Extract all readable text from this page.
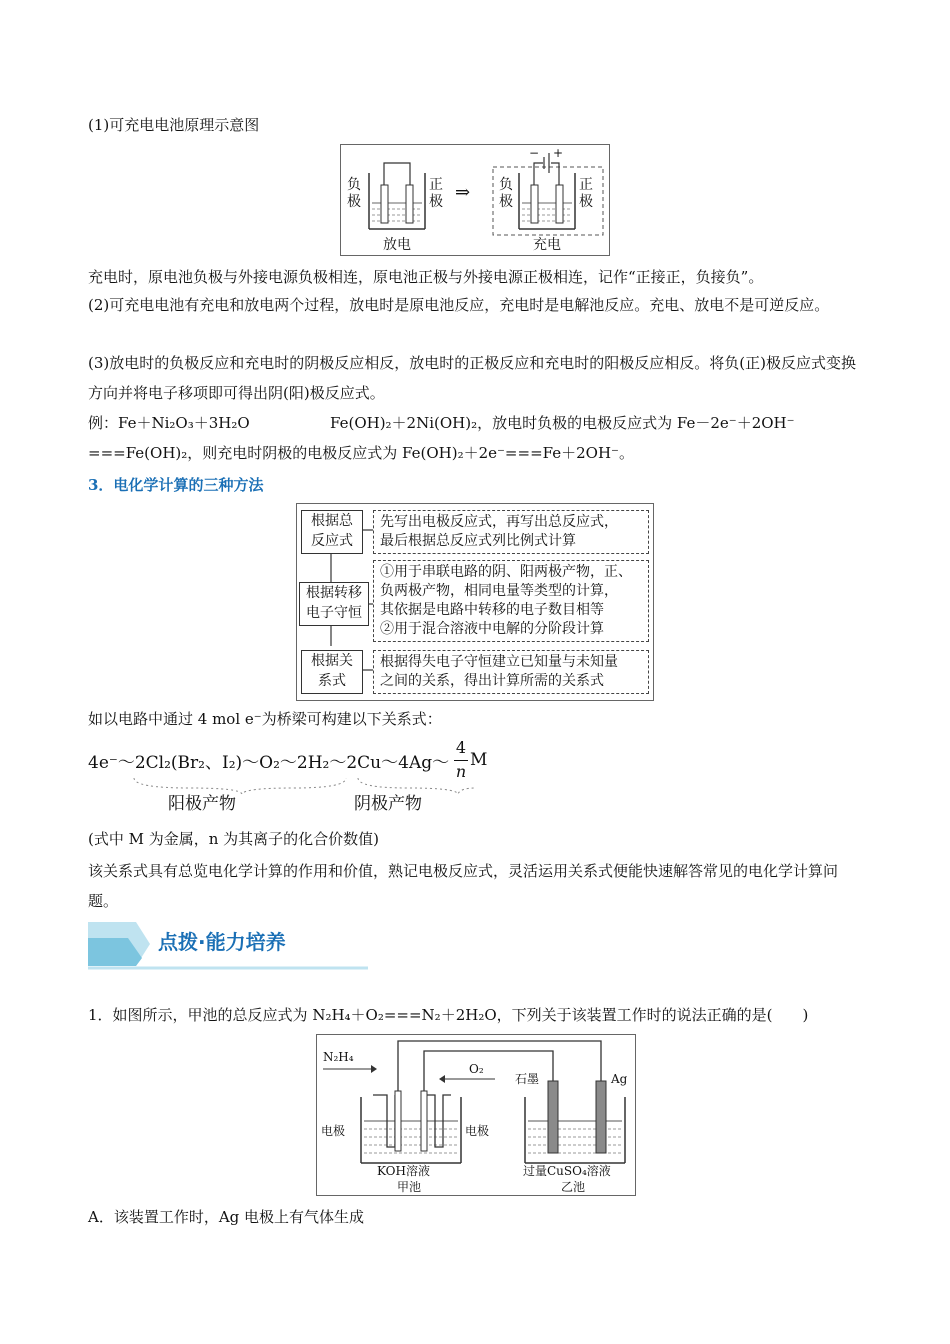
(1)可充电电池原理示意图
负
极
正
极 ⇒ 负
极
正
极
− +
放电	充电
充电时，原电池负极与外接电源负极相连，原电池正极与外接电源正极相连，记作“正接正，负接负”。
(2)可充电电池有充电和放电两个过程，放电时是原电池反应，充电时是电解池反应。充电、放电不是可逆反应。
(3)放电时的负极反应和充电时的阴极反应相反，放电时的正极反应和充电时的阳极反应相反。将负(正)极反应式变换方向并将电子移项即可得出阴(阳)极反应式。
例：Fe＋Ni₂O₃＋3H₂O	Fe(OH)₂＋2Ni(OH)₂，放电时负极的电极反应式为 Fe－2e⁻＋2OH⁻
===Fe(OH)₂，则充电时阴极的电极反应式为 Fe(OH)₂＋2e⁻===Fe＋2OH⁻。
3．电化学计算的三种方法
根据总
反应式
先写出电极反应式，再写出总反应式，
最后根据总反应式列比例式计算
根据转移
电子守恒
①用于串联电路的阴、阳两极产物，正、
负两极产物，相同电量等类型的计算，
其依据是电路中转移的电子数目相等
②用于混合溶液中电解的分阶段计算
根据关
系式
根据得失电子守恒建立已知量与未知量
之间的关系，得出计算所需的关系式
如以电路中通过 4 mol e⁻为桥梁可构建以下关系式：
4e⁻～2Cl₂(Br₂、I₂)～O₂～2H₂～2Cu～4Ag～
4
n
M
阳极产物	阴极产物
(式中 M 为金属，n 为其离子的化合价数值)
该关系式具有总览电化学计算的作用和价值，熟记电极反应式，灵活运用关系式便能快速解答常见的电化学计算问题。
点拨·能力培养
1．如图所示，甲池的总反应式为 N₂H₄＋O₂===N₂＋2H₂O，下列关于该装置工作时的说法正确的是(　　)
N₂H₄
O₂
电极	电极
KOH溶液
甲池
石墨	Ag
过量CuSO₄溶液
乙池
A．该装置工作时，Ag 电极上有气体生成
